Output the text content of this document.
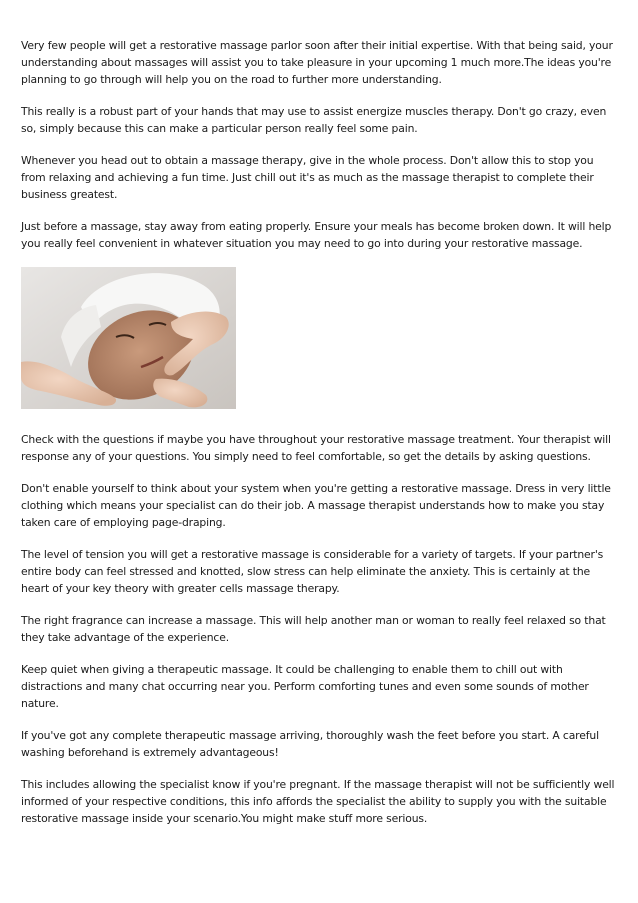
Very few people will get a restorative massage parlor soon after their initial expertise. With that being said, your understanding about massages will assist you to take pleasure in your upcoming 1 much more.The ideas you're planning to go through will help you on the road to further more understanding.

This really is a robust part of your hands that may use to assist energize muscles therapy. Don't go crazy, even so, simply because this can make a particular person really feel some pain.

Whenever you head out to obtain a massage therapy, give in the whole process. Don't allow this to stop you from relaxing and achieving a fun time. Just chill out it's as much as the massage therapist to complete their business greatest.

Just before a massage, stay away from eating properly. Ensure your meals has become broken down. It will help you really feel convenient in whatever situation you may need to go into during your restorative massage.

Check with the questions if maybe you have throughout your restorative massage treatment. Your therapist will response any of your questions. You simply need to feel comfortable, so get the details by asking questions.

Don't enable yourself to think about your system when you're getting a restorative massage. Dress in very little clothing which means your specialist can do their job. A massage therapist understands how to make you stay taken care of employing page-draping.

The level of tension you will get a restorative massage is considerable for a variety of targets. If your partner's entire body can feel stressed and knotted, slow stress can help eliminate the anxiety. This is certainly at the heart of your key theory with greater cells massage therapy.

The right fragrance can increase a massage. This will help another man or woman to really feel relaxed so that they take advantage of the experience.

Keep quiet when giving a therapeutic massage. It could be challenging to enable them to chill out with distractions and many chat occurring near you. Perform comforting tunes and even some sounds of mother nature.

If you've got any complete therapeutic massage arriving, thoroughly wash the feet before you start. A careful washing beforehand is extremely advantageous!

This includes allowing the specialist know if you're pregnant. If the massage therapist will not be sufficiently well informed of your respective conditions, this info affords the specialist the ability to supply you with the suitable restorative massage inside your scenario.You might make stuff more serious.
